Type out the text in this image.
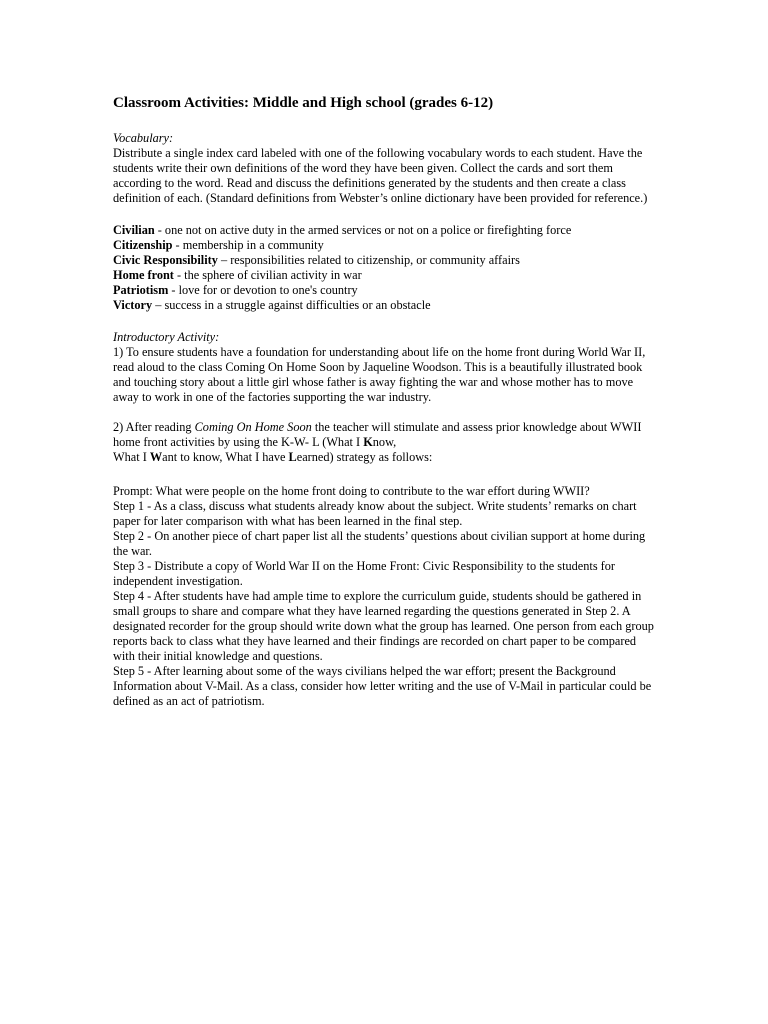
Classroom Activities: Middle and High school (grades 6-12)

Vocabulary:

Distribute a single index card labeled with one of the following vocabulary words to each student. Have the students write their own definitions of the word they have been given. Collect the cards and sort them according to the word. Read and discuss the definitions generated by the students and then create a class definition of each. (Standard definitions from Webster’s online dictionary have been provided for reference.)

Civilian - one not on active duty in the armed services or not on a police or firefighting force

Citizenship - membership in a community

Civic Responsibility – responsibilities related to citizenship, or community affairs

Home front - the sphere of civilian activity in war

Patriotism - love for or devotion to one's country

Victory – success in a struggle against difficulties or an obstacle

Introductory Activity:

1) To ensure students have a foundation for understanding about life on the home front during World War II, read aloud to the class Coming On Home Soon by Jaqueline Woodson. This is a beautifully illustrated book and touching story about a little girl whose father is away fighting the war and whose mother has to move away to work in one of the factories supporting the war industry.

2) After reading Coming On Home Soon the teacher will stimulate and assess prior knowledge about WWII home front activities by using the K-W- L (What I Know,
What I Want to know, What I have Learned) strategy as follows:

Prompt: What were people on the home front doing to contribute to the war effort during WWII?

Step 1 - As a class, discuss what students already know about the subject. Write students’ remarks on chart paper for later comparison with what has been learned in the final step.

Step 2 - On another piece of chart paper list all the students’ questions about civilian support at home during the war.

Step 3 - Distribute a copy of World War II on the Home Front: Civic Responsibility to the students for independent investigation.

Step 4 - After students have had ample time to explore the curriculum guide, students should be gathered in small groups to share and compare what they have learned regarding the questions generated in Step 2. A designated recorder for the group should write down what the group has learned. One person from each group reports back to class what they have learned and their findings are recorded on chart paper to be compared with their initial knowledge and questions.

Step 5 - After learning about some of the ways civilians helped the war effort; present the Background Information about V-Mail. As a class, consider how letter writing and the use of V-Mail in particular could be defined as an act of patriotism.
